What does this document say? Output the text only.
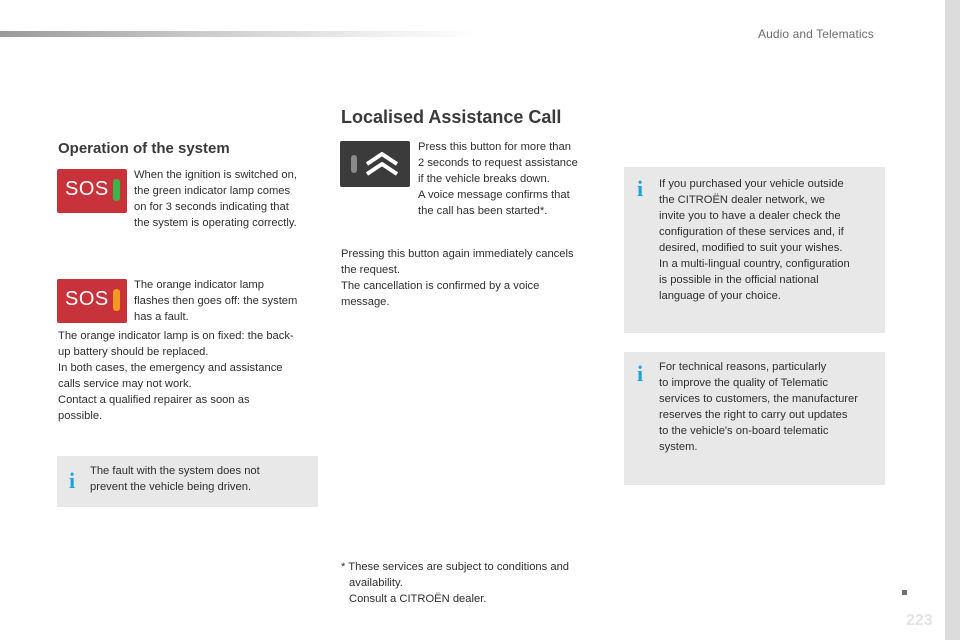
Audio and Telematics
Operation of the system
SOS
When the ignition is switched on,
the green indicator lamp comes
on for 3 seconds indicating that
the system is operating correctly.
SOS
The orange indicator lamp
flashes then goes off: the system
has a fault.
The orange indicator lamp is on fixed: the back-
up battery should be replaced.
In both cases, the emergency and assistance
calls service may not work.
Contact a qualified repairer as soon as
possible.
i The fault with the system does not
prevent the vehicle being driven.
Localised Assistance Call
Press this button for more than
2 seconds to request assistance
if the vehicle breaks down.
A voice message confirms that
the call has been started*.
Pressing this button again immediately cancels
the request.
The cancellation is confirmed by a voice
message.
* These services are subject to conditions and
availability.
Consult a CITROËN dealer.
i If you purchased your vehicle outside
the CITROËN dealer network, we
invite you to have a dealer check the
configuration of these services and, if
desired, modified to suit your wishes.
In a multi-lingual country, configuration
is possible in the official national
language of your choice.
i For technical reasons, particularly
to improve the quality of Telematic
services to customers, the manufacturer
reserves the right to carry out updates
to the vehicle's on-board telematic
system.
223
